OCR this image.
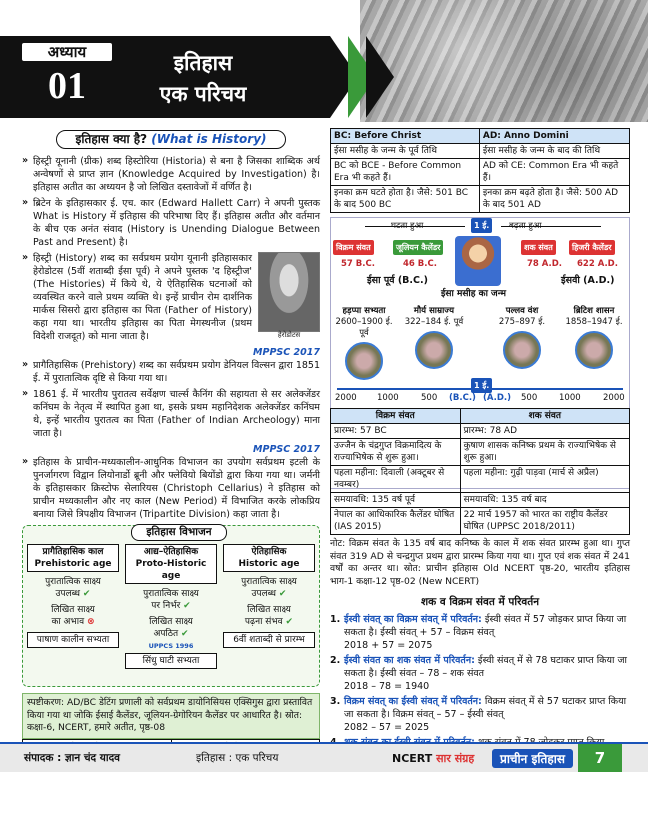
अध्याय
01
इतिहास
एक परिचय
इतिहास क्या है? (What is History)
» हिस्ट्री यूनानी (ग्रीक) शब्द हिस्टोरिया (Historia) से बना है जिसका शाब्दिक अर्थ अन्वेषणों से प्राप्त ज्ञान (Knowledge Acquired by Investigation) है। इतिहास अतीत का अध्ययन है जो लिखित दस्तावेजों में वर्णित है।
» ब्रिटेन के इतिहासकार ई. एच. कार (Edward Hallett Carr) ने अपनी पुस्तक What is History में इतिहास की परिभाषा दिए हैं। इतिहास अतीत और वर्तमान के बीच एक अनंत संवाद (History is Unending Dialogue Between Past and Present) है।
» हेरोडोटस
हिस्ट्री (History) शब्द का सर्वप्रथम प्रयोग यूनानी इतिहासकार हेरोडोटस (5वीं शताब्दी ईसा पूर्व) ने अपने पुस्तक 'द हिस्ट्रीज' (The Histories) में किये थे, ये ऐतिहासिक घटनाओं को व्यवस्थित करने वाले प्रथम व्यक्ति थे। इन्हें प्राचीन रोम दार्शनिक मार्कस सिसरो द्वारा इतिहास का पिता (Father of History) कहा गया था। भारतीय इतिहास का पिता मेगस्थनीज (प्रथम विदेशी राजदूत) को माना जाता है।
MPPSC 2017
» प्रागैतिहासिक (Prehistory) शब्द का सर्वप्रथम प्रयोग डेनियल विल्सन द्वारा 1851 ई. में पुरातात्विक दृष्टि से किया गया था।
» 1861 ई. में भारतीय पुरातत्व सर्वेक्षण चार्ल्स कैनिंग की सहायता से सर अलेक्जेंडर कनिंघम के नेतृत्व में स्थापित हुआ था, इसके प्रथम महानिदेशक अलेक्जेंडर कनिंघम थे, इन्हें भारतीय पुरातत्व का पिता (Father of Indian Archeology) माना जाता है।
MPPSC 2017
» इतिहास के प्राचीन-मध्यकालीन-आधुनिक विभाजन का उपयोग सर्वप्रथम इटली के पुनर्जागरण विद्वान लियोनार्डो ब्रूनी और फ्लेवियो बियोंडो द्वारा किया गया था। जर्मनी के इतिहासकार क्रिस्टोफ सेलारियस (Christoph Cellarius) ने इतिहास को प्राचीन मध्यकालीन और नए काल (New Period) में विभाजित करके लोकप्रिय बनाया जिसे त्रिपक्षीय विभाजन (Tripartite Division) कहा जाता है।
इतिहास विभाजन
प्रागैतिहासिक काल
Prehistoric age
पुरातात्विक साक्ष्य
उपलब्ध ✔
लिखित साक्ष्य
का अभाव ⊗
पाषाण कालीन सभ्यता
आद्य–ऐतिहासिक
Proto-Historic age
पुरातात्विक साक्ष्य
पर निर्भर ✔
लिखित साक्ष्य
अपठित ✔
UPPCS 1996
सिंधु घाटी सभ्यता
ऐतिहासिक
Historic age
पुरातात्विक साक्ष्य
उपलब्ध ✔
लिखित साक्ष्य
पढ़ना संभव ✔
6वीं शताब्दी से प्रारम्भ
स्पष्टीकरण: AD/BC डेटिंग प्रणाली को सर्वप्रथम डायोनिसियस एक्सिगुस द्वारा प्रस्तावित किया गया था जोकि ईसाई कैलेंडर, जूलियन-ग्रेगोरियन कैलेंडर पर आधारित है। स्रोत: कक्षा-6, NCERT, हमारे अतीत, पृष्ठ-08
BC: Before Christ	AD: Anno Domini
ईसा मसीह के जन्म के पूर्व तिथि	ईसा मसीह के जन्म के बाद की तिथि
BC को BCE - Before Common Era भी कहते हैं।	AD को CE: Common Era भी कहते हैं।
इनका क्रम घटते होता है। जैसे: 501 BC के बाद 500 BC	इनका क्रम बढ़ते होता है। जैसे: 500 AD के बाद 501 AD
घटता हुआ	बढ़ता हुआ
1 ई.
विक्रम संवत	जूलियन कैलेंडर	शक संवत	हिजरी कैलेंडर
57 B.C.	46 B.C.	78 A.D. 622 A.D.
ईसा पूर्व (B.C.)
ईसा मसीह का जन्म
ईसवी (A.D.)
हड़प्पा सभ्यता
2600–1900 ई. पूर्व
मौर्य साम्राज्य
322–184 ई. पूर्व
पल्लव वंश
275–897 ई.
ब्रिटिश शासन
1858–1947 ई.
1 ई.
2000 1000	500 (B.C.) (A.D.) 500	1000	2000
विक्रम संवत	शक संवत
प्रारम्भ: 57 BC	प्रारम्भ: 78 AD
उज्जैन के चंद्रगुप्त विक्रमादित्य के राज्याभिषेक से शुरू हुआ।	कुषाण शासक कनिष्क प्रथम के राज्याभिषेक से शुरू हुआ।
पहला महीना: दिवाली (अक्टूबर से नवम्बर)	पहला महीना: गुढ़ी पाड़वा (मार्च से अप्रैल)
समयावधि: 135 वर्ष पूर्व	समयावधि: 135 वर्ष बाद
नेपाल का आधिकारिक कैलेंडर घोषित (IAS 2015)	22 मार्च 1957 को भारत का राष्ट्रीय कैलेंडर घोषित (UPPSC 2018/2011)
नोट: विक्रम संवत के 135 वर्ष बाद कनिष्क के काल में शक संवत प्रारम्भ हुआ था। गुप्त संवत 319 AD से चन्द्रगुप्त प्रथम द्वारा प्रारम्भ किया गया था। गुप्त एवं शक संवत में 241 वर्षों का अन्तर था। स्रोत: प्राचीन इतिहास Old NCERT पृष्ठ-20, भारतीय इतिहास भाग-1 कक्षा-12 पृष्ठ-02 (New NCERT)
शक व विक्रम संवत में परिवर्तन
1. ईस्वी संवत् का विक्रम संवत् में परिवर्तन: ईस्वी संवत में 57 जोड़कर प्राप्त किया जा सकता है। ईस्वी संवत् + 57 – विक्रम संवत्
2018 + 57 = 2075
2. ईस्वी संवत का शक संवत में परिवर्तन: ईस्वी संवत् में से 78 घटाकर प्राप्त किया जा सकता है। ईस्वी संवत – 78 – शक संवत
2018 – 78 = 1940
3. विक्रम संवत् का ईस्वी संवत् में परिवर्तन: विक्रम संवत् में से 57 घटाकर प्राप्त किया जा सकता है। विक्रम संवत् – 57 – ईस्वी संवत्
2082 – 57 = 2025
संपादक : ज्ञान चंद यादव	इतिहास : एक परिचय	NCERT सार संग्रह	प्राचीन इतिहास	7
